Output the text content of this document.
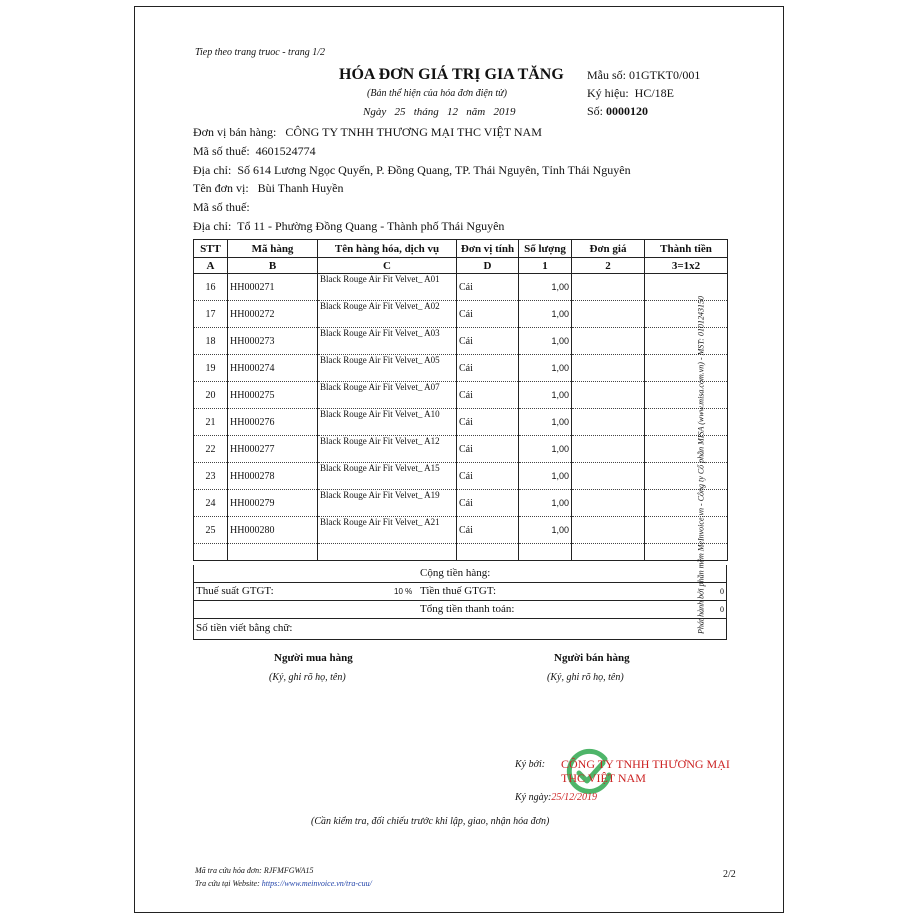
Tiep theo trang truoc - trang 1/2
HÓA ĐƠN GIÁ TRỊ GIA TĂNG
(Bản thể hiện của hóa đơn điện tử)
Ngày 25 tháng 12 năm 2019
Mẫu số: 01GTKT0/001
Ký hiệu: HC/18E
Số: 0000120
Đơn vị bán hàng: CÔNG TY TNHH THƯƠNG MẠI THC VIỆT NAM
Mã số thuế: 4601524774
Địa chỉ: Số 614 Lương Ngọc Quyến, P. Đồng Quang, TP. Thái Nguyên, Tỉnh Thái Nguyên
Tên đơn vị: Bùi Thanh Huyền
Mã số thuế:
Địa chỉ: Tổ 11 - Phường Đồng Quang - Thành phố Thái Nguyên
STT	Mã hàng	Tên hàng hóa, dịch vụ	Đơn vị tính	Số lượng	Đơn giá	Thành tiền
A	B	C	D	1	2	3=1x2
16	HH000271	Black Rouge Air Fit Velvet_ A01	Cái	1,00		
17	HH000272	Black Rouge Air Fit Velvet_ A02	Cái	1,00		
18	HH000273	Black Rouge Air Fit Velvet_ A03	Cái	1,00		
19	HH000274	Black Rouge Air Fit Velvet_ A05	Cái	1,00		
20	HH000275	Black Rouge Air Fit Velvet_ A07	Cái	1,00		
21	HH000276	Black Rouge Air Fit Velvet_ A10	Cái	1,00		
22	HH000277	Black Rouge Air Fit Velvet_ A12	Cái	1,00		
23	HH000278	Black Rouge Air Fit Velvet_ A15	Cái	1,00		
24	HH000279	Black Rouge Air Fit Velvet_ A19	Cái	1,00		
25	HH000280	Black Rouge Air Fit Velvet_ A21	Cái	1,00		

Cộng tiền hàng:
Thuế suất GTGT:	10 % Tiền thuế GTGT:	0
Tổng tiền thanh toán:	0
Số tiền viết bằng chữ:
Người mua hàng
(Ký, ghi rõ họ, tên)
Người bán hàng
(Ký, ghi rõ họ, tên)
Ký bởi: CÔNG TY TNHH THƯƠNG MẠI THC VIỆT NAM
Ký ngày:25/12/2019
(Cần kiểm tra, đối chiếu trước khi lập, giao, nhận hóa đơn)
Mã tra cứu hóa đơn: RJFMFGWA15
Tra cứu tại Website: https://www.meinvoice.vn/tra-cuu/
2/2
Phát hành bởi phần mềm MeInvoice.vn - Công ty Cổ phần MISA (www.misa.com.vn) - MST: 0101243150
